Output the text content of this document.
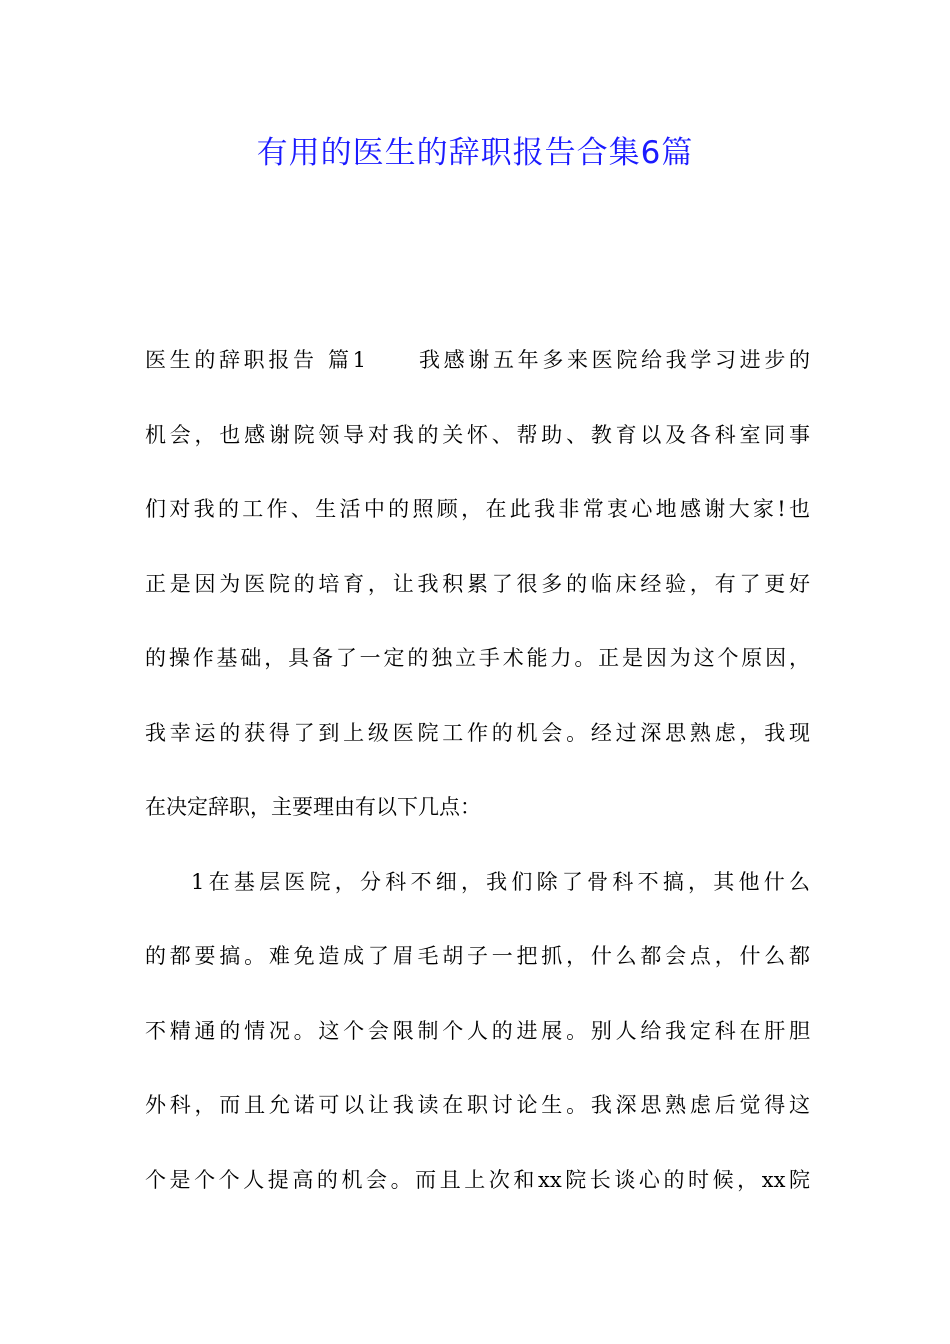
有用的医生的辞职报告合集6篇
医生的辞职报告 篇1　　我感谢五年多来医院给我学习进步的
机会，也感谢院领导对我的关怀、帮助、教育以及各科室同事
们对我的工作、生活中的照顾，在此我非常衷心地感谢大家!也
正是因为医院的培育，让我积累了很多的临床经验，有了更好
的操作基础，具备了一定的独立手术能力。正是因为这个原因，
我幸运的获得了到上级医院工作的机会。经过深思熟虑，我现
在决定辞职，主要理由有以下几点：
1在基层医院，分科不细，我们除了骨科不搞，其他什么
的都要搞。难免造成了眉毛胡子一把抓，什么都会点，什么都
不精通的情况。这个会限制个人的进展。别人给我定科在肝胆
外科，而且允诺可以让我读在职讨论生。我深思熟虑后觉得这
个是个个人提高的机会。而且上次和xx院长谈心的时候，xx院
